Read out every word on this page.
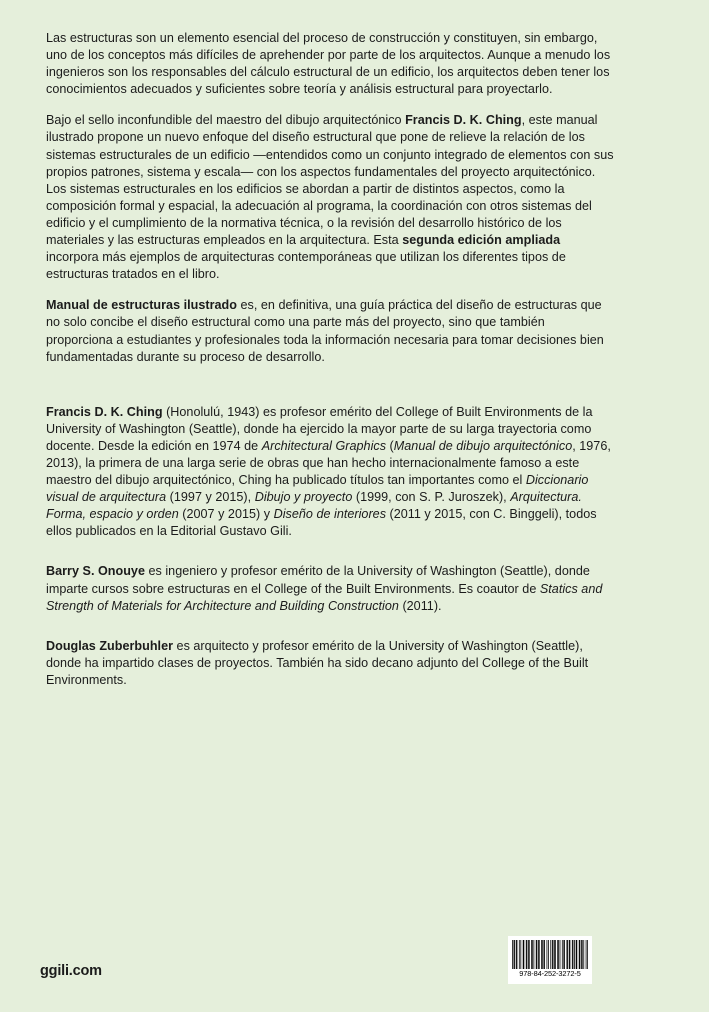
Las estructuras son un elemento esencial del proceso de construcción y constituyen, sin embargo, uno de los conceptos más difíciles de aprehender por parte de los arquitectos. Aunque a menudo los ingenieros son los responsables del cálculo estructural de un edificio, los arquitectos deben tener los conocimientos adecuados y suficientes sobre teoría y análisis estructural para proyectarlo.

Bajo el sello inconfundible del maestro del dibujo arquitectónico Francis D. K. Ching, este manual ilustrado propone un nuevo enfoque del diseño estructural que pone de relieve la relación de los sistemas estructurales de un edificio —entendidos como un conjunto integrado de elementos con sus propios patrones, sistema y escala— con los aspectos fundamentales del proyecto arquitectónico. Los sistemas estructurales en los edificios se abordan a partir de distintos aspectos, como la composición formal y espacial, la adecuación al programa, la coordinación con otros sistemas del edificio y el cumplimiento de la normativa técnica, o la revisión del desarrollo histórico de los materiales y las estructuras empleados en la arquitectura. Esta segunda edición ampliada incorpora más ejemplos de arquitecturas contemporáneas que utilizan los diferentes tipos de estructuras tratados en el libro.

Manual de estructuras ilustrado es, en definitiva, una guía práctica del diseño de estructuras que no solo concibe el diseño estructural como una parte más del proyecto, sino que también proporciona a estudiantes y profesionales toda la información necesaria para tomar decisiones bien fundamentadas durante su proceso de desarrollo.

Francis D. K. Ching (Honolulú, 1943) es profesor emérito del College of Built Environments de la University of Washington (Seattle), donde ha ejercido la mayor parte de su larga trayectoria como docente. Desde la edición en 1974 de Architectural Graphics (Manual de dibujo arquitectónico, 1976, 2013), la primera de una larga serie de obras que han hecho internacionalmente famoso a este maestro del dibujo arquitectónico, Ching ha publicado títulos tan importantes como el Diccionario visual de arquitectura (1997 y 2015), Dibujo y proyecto (1999, con S. P. Juroszek), Arquitectura. Forma, espacio y orden (2007 y 2015) y Diseño de interiores (2011 y 2015, con C. Binggeli), todos ellos publicados en la Editorial Gustavo Gili.

Barry S. Onouye es ingeniero y profesor emérito de la University of Washington (Seattle), donde imparte cursos sobre estructuras en el College of the Built Environments. Es coautor de Statics and Strength of Materials for Architecture and Building Construction (2011).

Douglas Zuberbuhler es arquitecto y profesor emérito de la University of Washington (Seattle), donde ha impartido clases de proyectos. También ha sido decano adjunto del College of the Built Environments.

ggili.com	978-84-252-3272-5
